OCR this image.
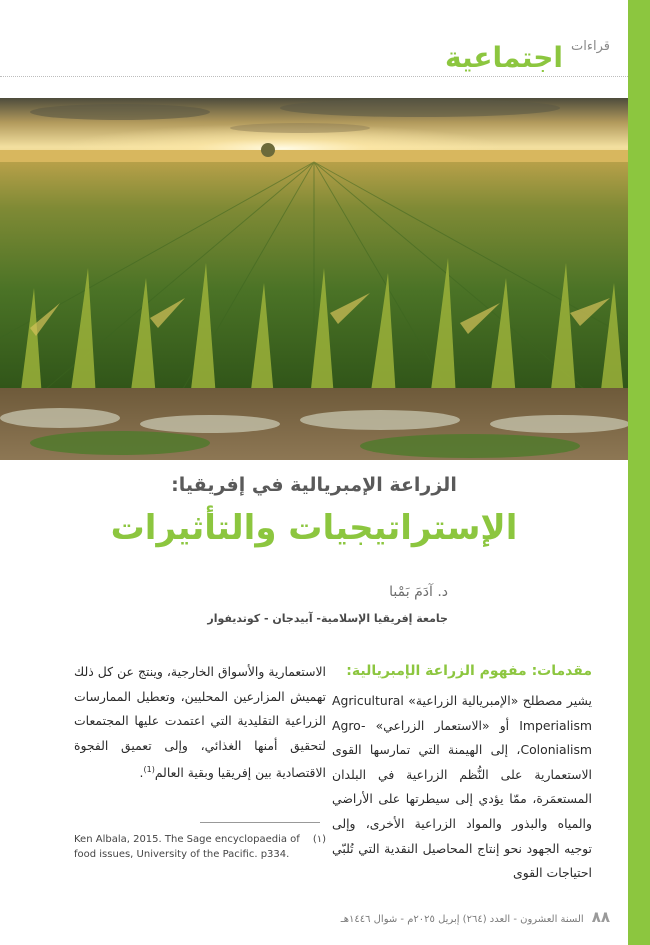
قراءات
اجتماعية
الزراعة الإمبريالية في إفريقيا:
الإستراتيجيات والتأثيرات
د. آدَمَ بَمْبا
جامعة إفريقيا الإسلامية- آبيدجان - كوتديفوار
مقدمات: مفهوم الزراعة الإمبريالية:

يشير مصطلح «الإمبريالية الزراعية» Agricultural Imperialism أو «الاستعمار الزراعي» Agro-Colonialism، إلى الهيمنة التي تمارسها القوى الاستعمارية على النُّظم الزراعية في البلدان المستعمَرة، ممّا يؤدي إلى سيطرتها على الأراضي والمياه والبذور والمواد الزراعية الأخرى، وإلى توجيه الجهود نحو إنتاج المحاصيل النقدية التي تُلبّي احتياجات القوى

الاستعمارية والأسواق الخارجية، وينتج عن كل ذلك تهميش المزارعين المحليين، وتعطيل الممارسات الزراعية التقليدية التي اعتمدت عليها المجتمعات لتحقيق أمنها الغذائي، وإلى تعميق الفجوة الاقتصادية بين إفريقيا وبقية العالم$^{(1)}$.

(١)
Ken Albala, 2015. The Sage encyclopaedia of food issues, University of the Pacific. p334.
٨٨
السنة العشرون - العدد (٢٦٤) إبريل ٢٠٢٥م - شوال ١٤٤٦هـ
